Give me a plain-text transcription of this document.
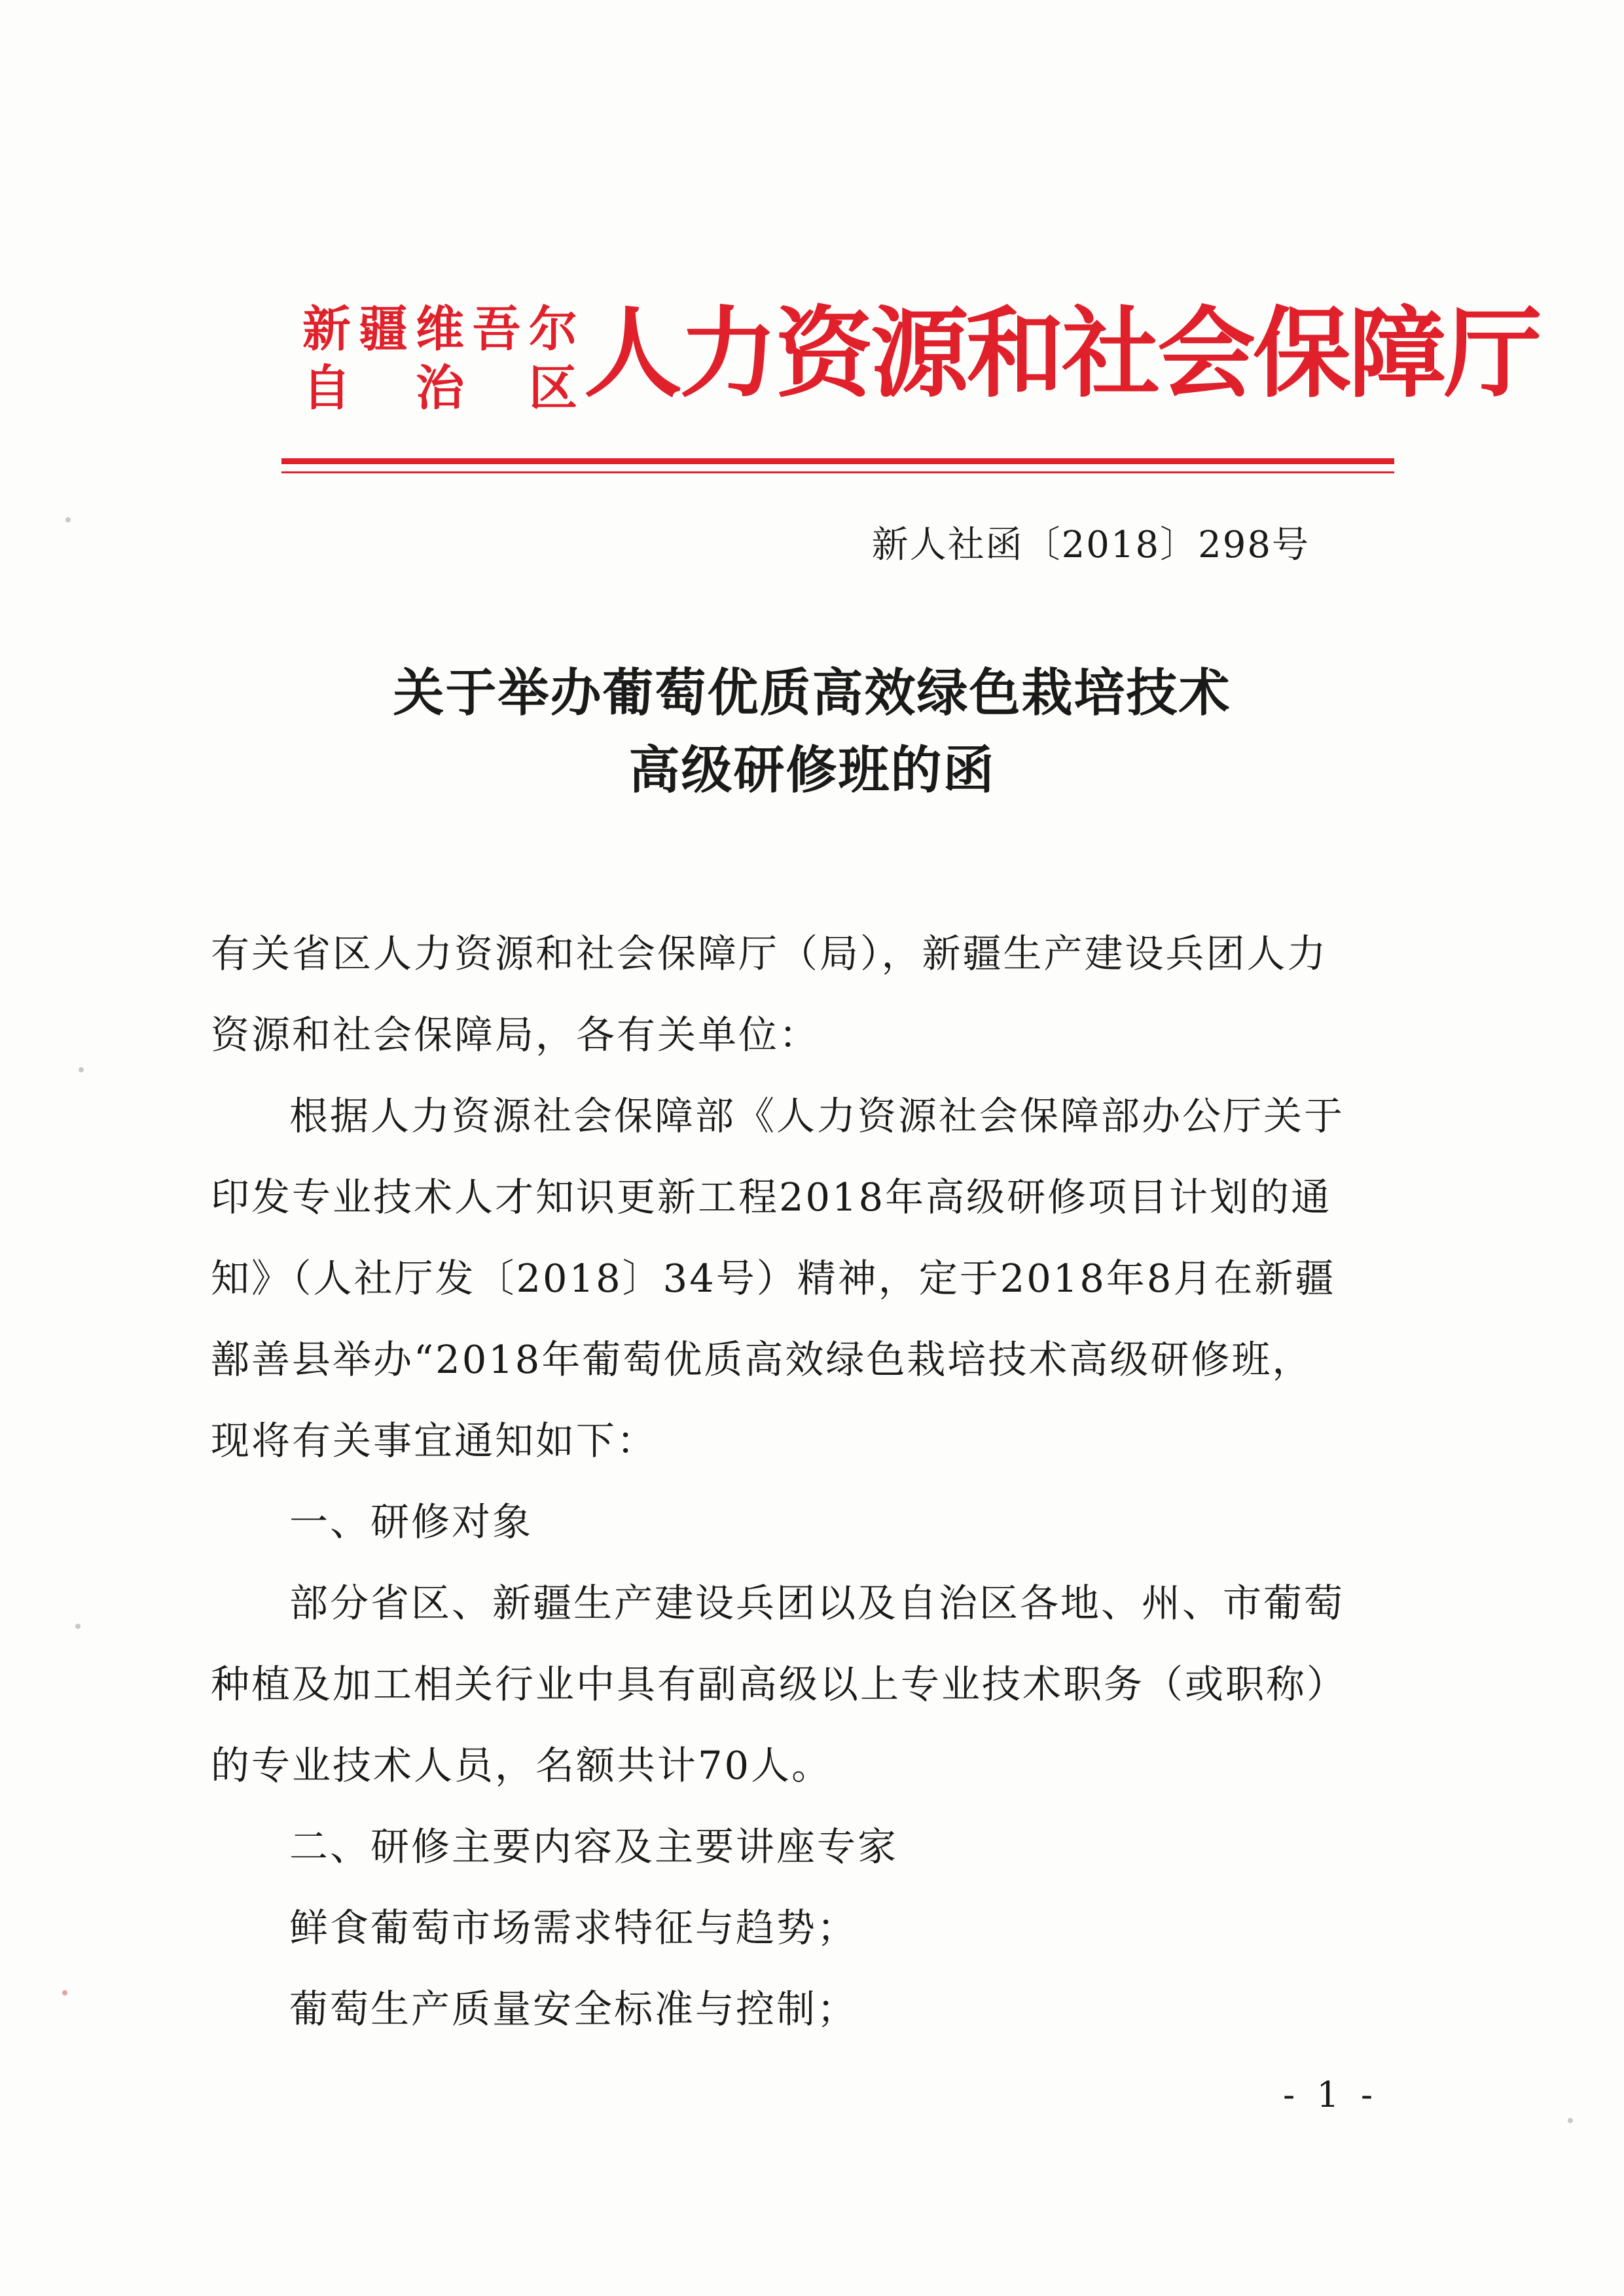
新 疆 维 吾 尔
自 治 区 人力资源和社会保障厅
新人社函〔2018〕298号
关于举办葡萄优质高效绿色栽培技术
高级研修班的函

有关省区人力资源和社会保障厅（局），新疆生产建设兵团人力
资源和社会保障局，各有关单位：

根据人力资源社会保障部《人力资源社会保障部办公厅关于

印发专业技术人才知识更新工程2018年高级研修项目计划的通
知》（人社厅发〔2018〕34号）精神，定于2018年8月在新疆
鄯善县举办“2018年葡萄优质高效绿色栽培技术高级研修班，
现将有关事宜通知如下：

一、研修对象

部分省区、新疆生产建设兵团以及自治区各地、州、市葡萄

种植及加工相关行业中具有副高级以上专业技术职务（或职称）
的专业技术人员，名额共计70人。

二、研修主要内容及主要讲座专家

鲜食葡萄市场需求特征与趋势；

葡萄生产质量安全标准与控制；

- 1 -
